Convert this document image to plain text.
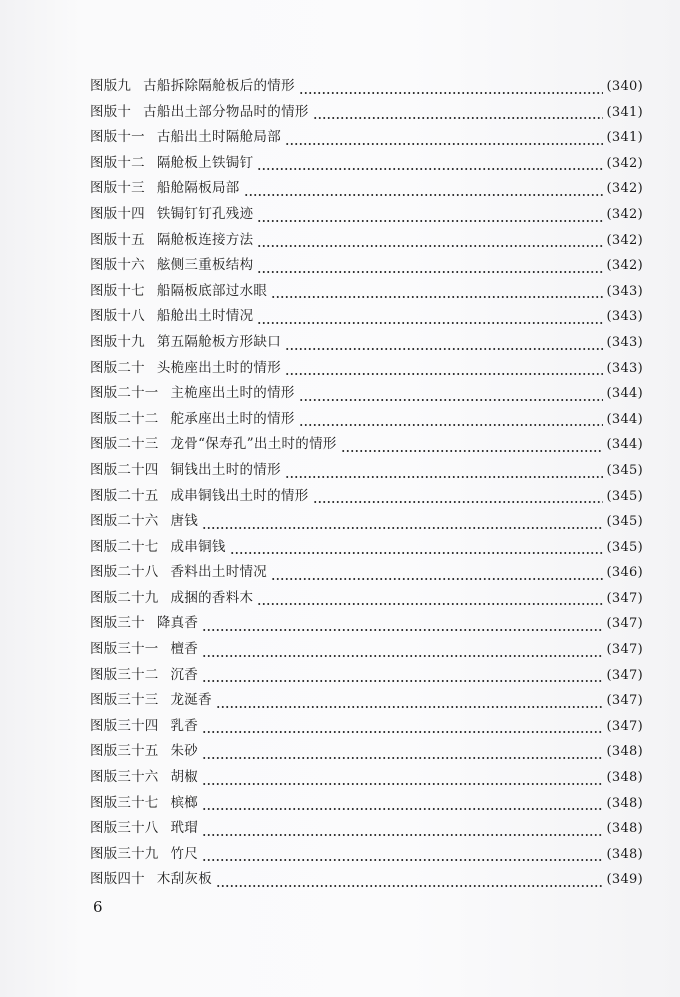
图版九 古船拆除隔舱板后的情形	(340)
图版十 古船出土部分物品时的情形	(341)
图版十一 古船出土时隔舱局部	(341)
图版十二 隔舱板上铁锔钉	(342)
图版十三 船舱隔板局部	(342)
图版十四 铁锔钉钉孔残迹	(342)
图版十五 隔舱板连接方法	(342)
图版十六 舷侧三重板结构	(342)
图版十七 船隔板底部过水眼	(343)
图版十八 船舱出土时情况	(343)
图版十九 第五隔舱板方形缺口	(343)
图版二十 头桅座出土时的情形	(343)
图版二十一 主桅座出土时的情形	(344)
图版二十二 舵承座出土时的情形	(344)
图版二十三 龙骨“保寿孔”出土时的情形	(344)
图版二十四 铜钱出土时的情形	(345)
图版二十五 成串铜钱出土时的情形	(345)
图版二十六 唐钱	(345)
图版二十七 成串铜钱	(345)
图版二十八 香料出土时情况	(346)
图版二十九 成捆的香料木	(347)
图版三十 降真香	(347)
图版三十一 檀香	(347)
图版三十二 沉香	(347)
图版三十三 龙涎香	(347)
图版三十四 乳香	(347)
图版三十五 朱砂	(348)
图版三十六 胡椒	(348)
图版三十七 槟榔	(348)
图版三十八 玳瑁	(348)
图版三十九 竹尺	(348)
图版四十 木刮灰板	(349)
6
